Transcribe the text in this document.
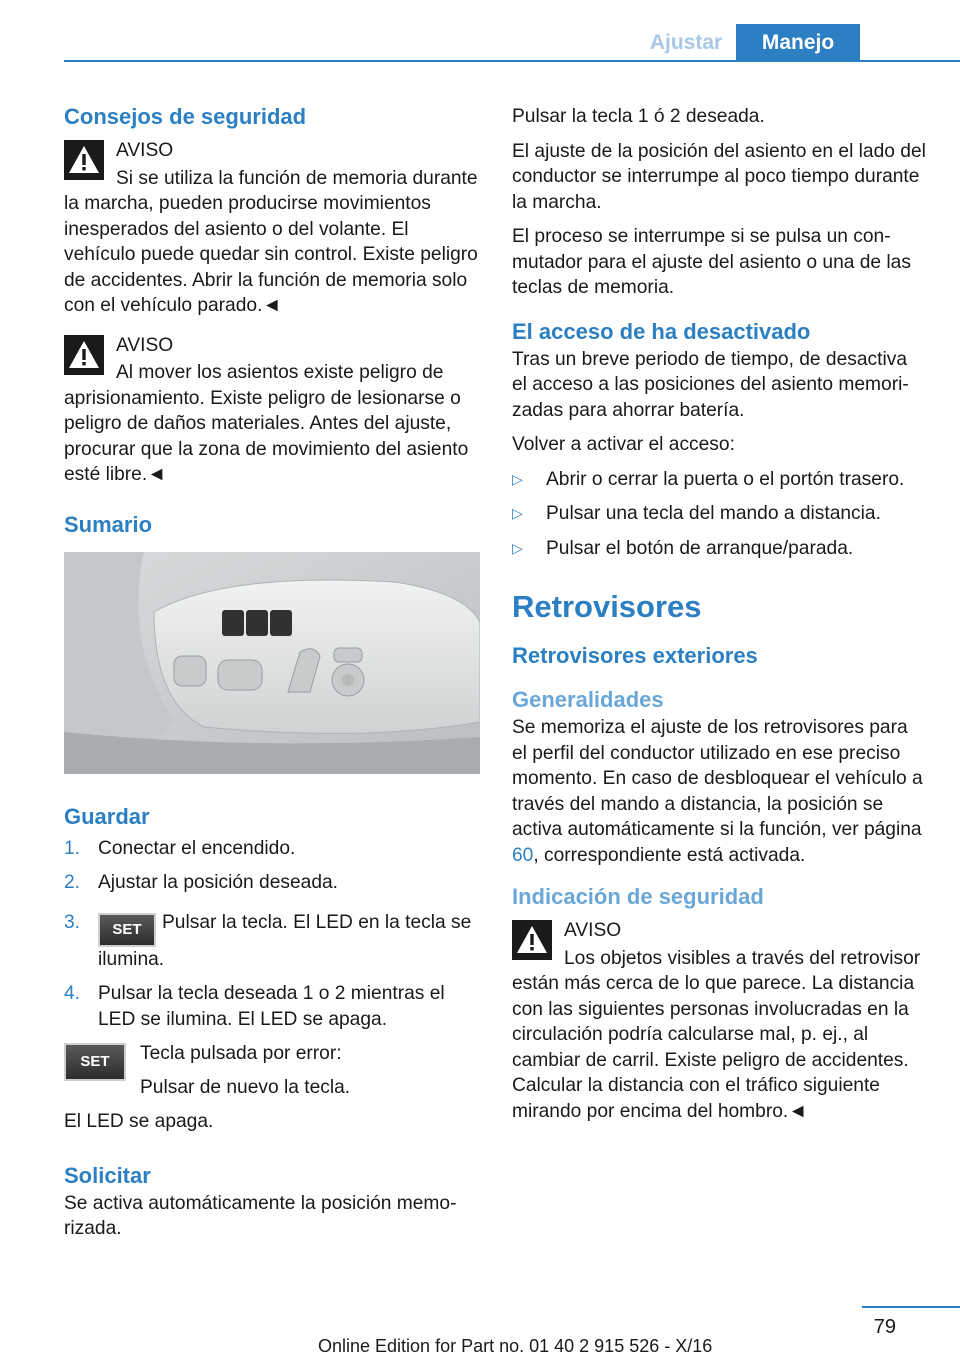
Ajustar	Manejo
Consejos de seguridad

AVISO

Si se utiliza la función de memoria durante la marcha, pueden producirse movimientos inesperados del asiento o del volante. El vehículo puede quedar sin control. Existe peligro de accidentes. Abrir la función de memoria solo con el vehículo parado.◄

AVISO

Al mover los asientos existe peligro de aprisionamiento. Existe peligro de lesionarse o peligro de daños materiales. Antes del ajuste, procurar que la zona de movimiento del asiento esté libre.◄

Sumario
Guardar
1. Conectar el encendido.
2. Ajustar la posición deseada.
3. SET Pulsar la tecla. El LED en la tecla se ilumina.
4. Pulsar la tecla deseada 1 o 2 mientras el LED se ilumina. El LED se apaga.
SET	Tecla pulsada por error:

Pulsar de nuevo la tecla.

El LED se apaga.

Solicitar

Se activa automáticamente la posición memorizada.

Pulsar la tecla 1 ó 2 deseada.

El ajuste de la posición del asiento en el lado del conductor se interrumpe al poco tiempo durante la marcha.

El proceso se interrumpe si se pulsa un conmutador para el ajuste del asiento o una de las teclas de memoria.

El acceso de ha desactivado

Tras un breve periodo de tiempo, de desactiva el acceso a las posiciones del asiento memorizadas para ahorrar batería.

Volver a activar el acceso:

▷ Abrir o cerrar la puerta o el portón trasero.
▷ Pulsar una tecla del mando a distancia.
▷ Pulsar el botón de arranque/parada.
Retrovisores
Retrovisores exteriores
Generalidades

Se memoriza el ajuste de los retrovisores para el perfil del conductor utilizado en ese preciso momento. En caso de desbloquear el vehículo a través del mando a distancia, la posición se activa automáticamente si la función, ver página 60, correspondiente está activada.

Indicación de seguridad

AVISO

Los objetos visibles a través del retrovisor están más cerca de lo que parece. La distancia con las siguientes personas involucradas en la circulación podría calcularse mal, p. ej., al cambiar de carril. Existe peligro de accidentes. Calcular la distancia con el tráfico siguiente mirando por encima del hombro.◄

79
Online Edition for Part no. 01 40 2 915 526 - X/16
